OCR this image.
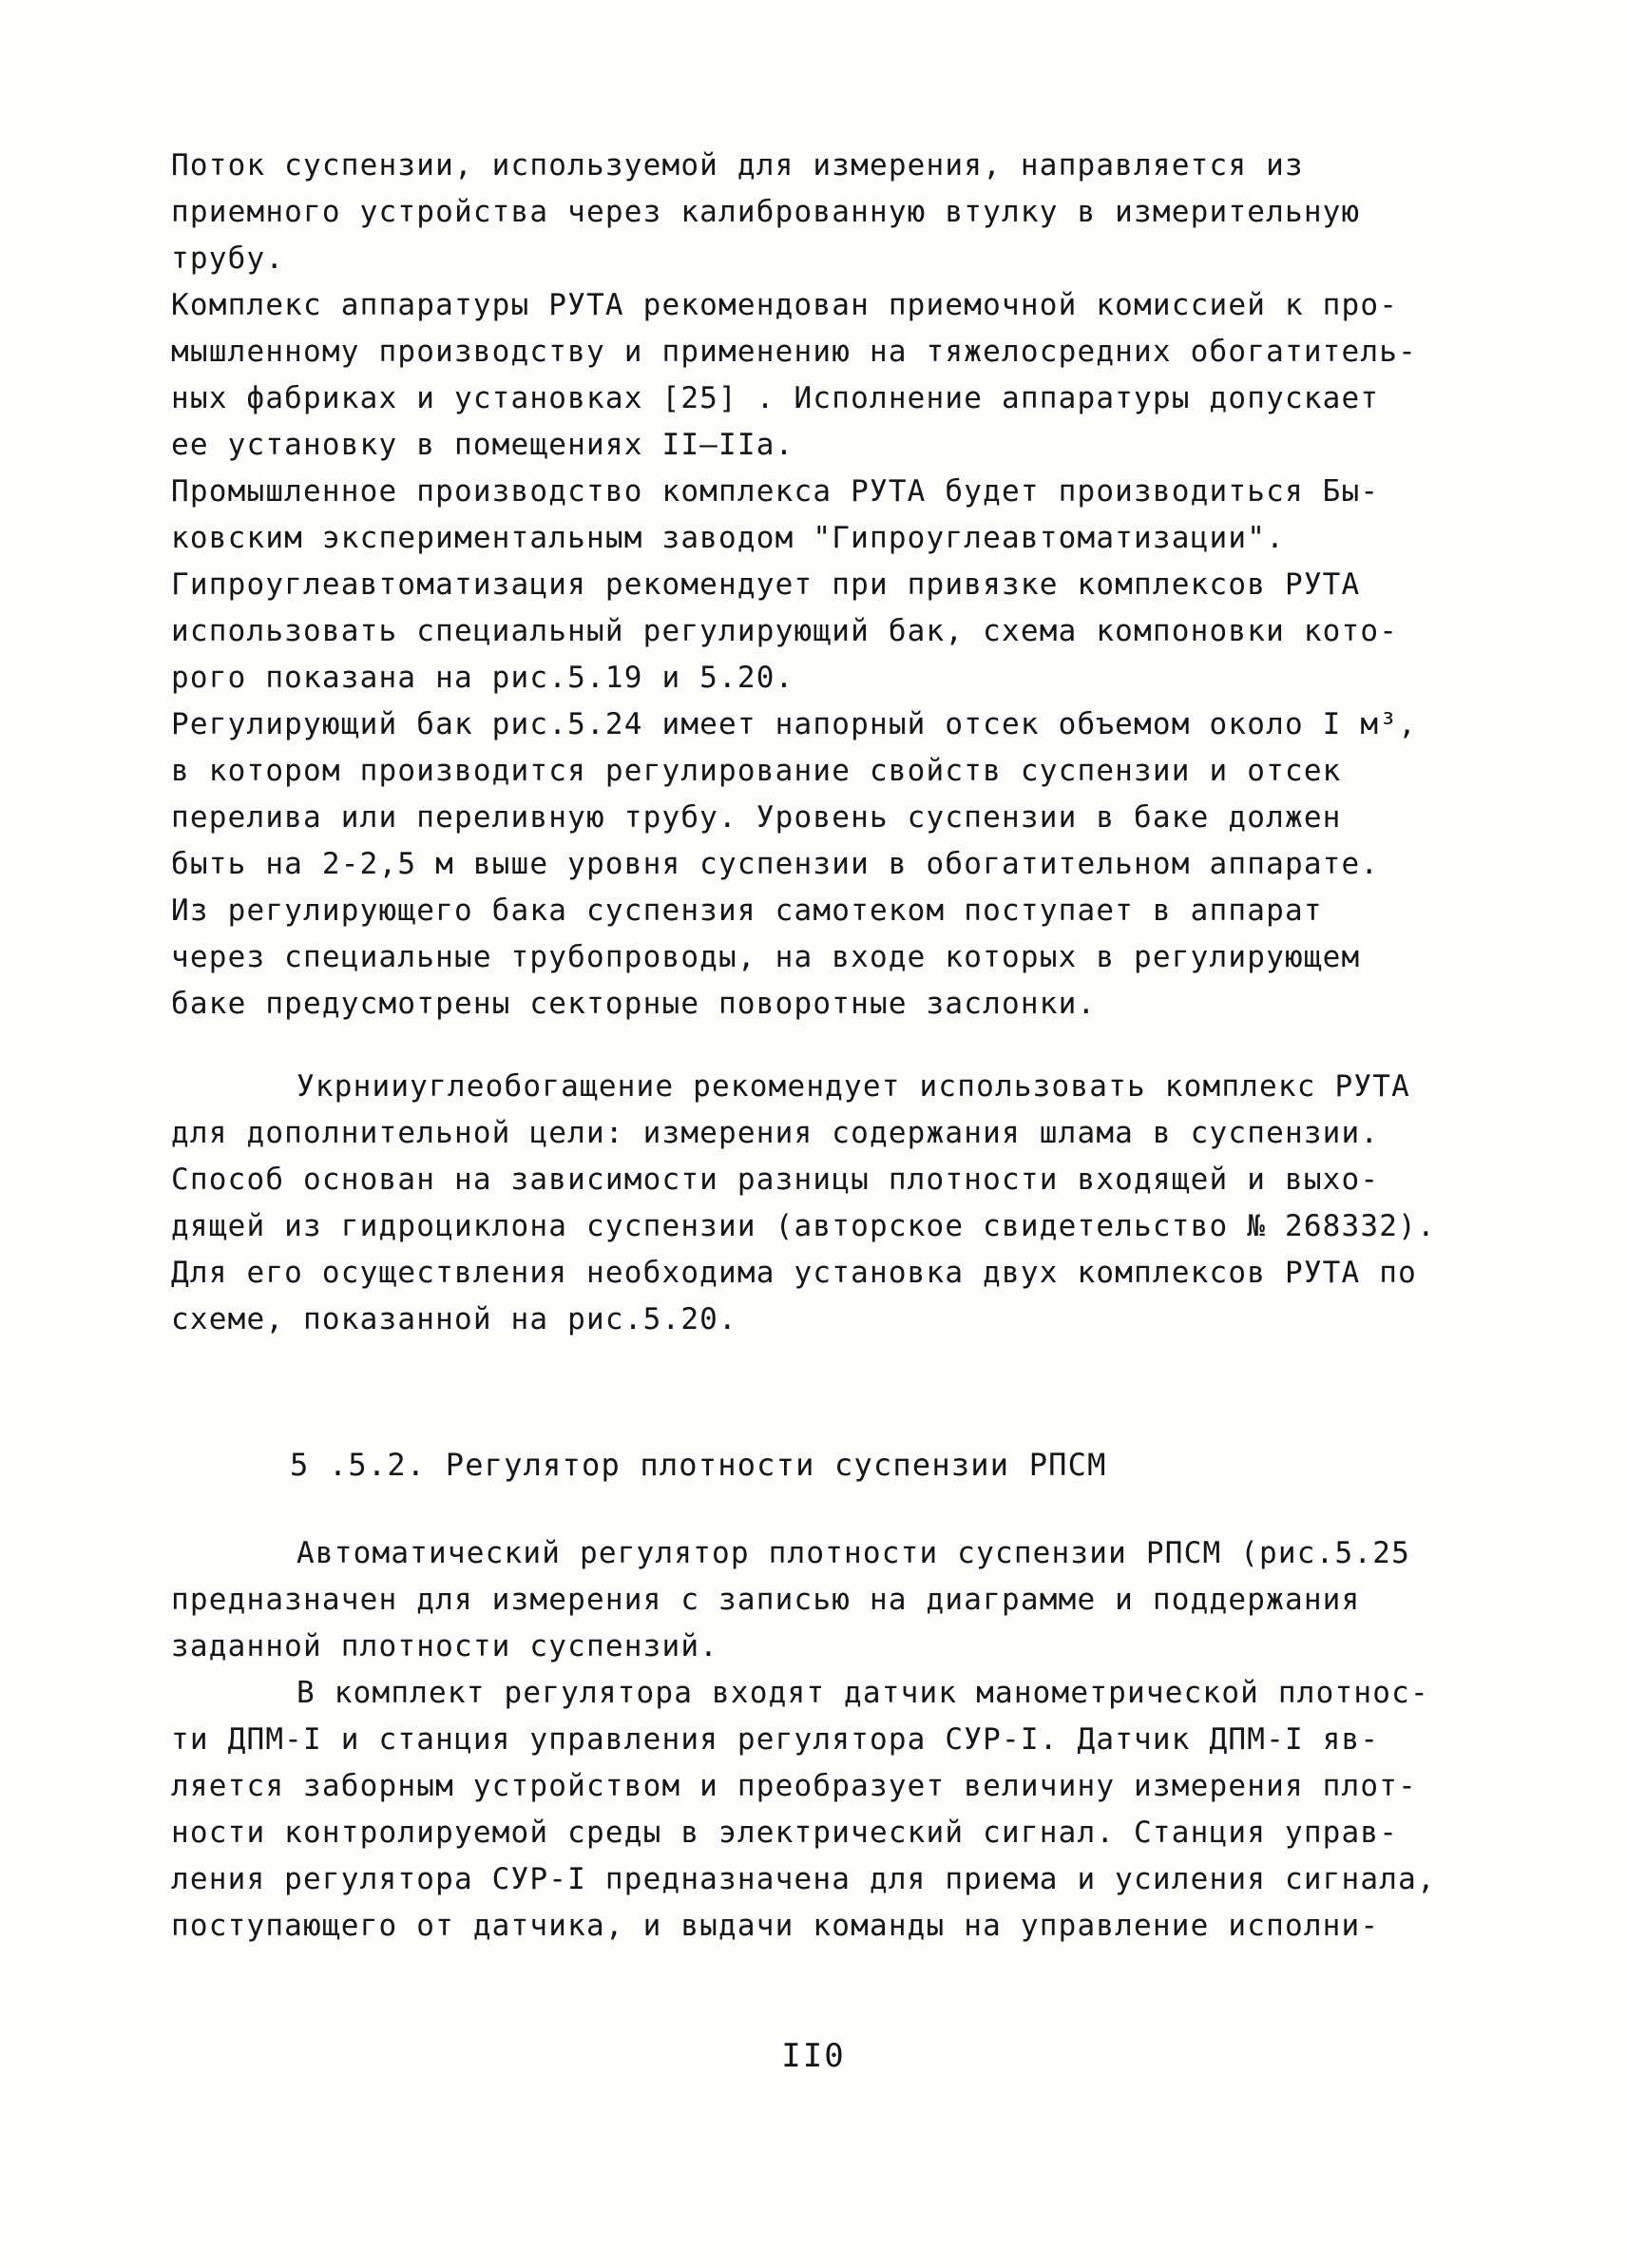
Поток суспензии, используемой для измерения, направляется из
приемного устройства через калиброванную втулку в измерительную
трубу.

Комплекс аппаратуры РУТА рекомендован приемочной комиссией к про-
мышленному производству и применению на тяжелосредних обогатитель-
ных фабриках и установках [25] . Исполнение аппаратуры допускает
ее установку в помещениях II–IIа.

Промышленное производство комплекса РУТА будет производиться Бы-
ковским экспериментальным заводом "Гипроуглеавтоматизации".

Гипроуглеавтоматизация рекомендует при привязке комплексов РУТА
использовать специальный регулирующий бак, схема компоновки кото-
рого показана на рис.5.19 и 5.20.

Регулирующий бак рис.5.24 имеет напорный отсек объемом около I м³,
в котором производится регулирование свойств суспензии и отсек
перелива или переливную трубу. Уровень суспензии в баке должен
быть на 2-2,5 м выше уровня суспензии в обогатительном аппарате.
Из регулирующего бака суспензия самотеком поступает в аппарат
через специальные трубопроводы, на входе которых в регулирующем
баке предусмотрены секторные поворотные заслонки.

Укрнииуглеобогащение рекомендует использовать комплекс РУТА
для дополнительной цели: измерения содержания шлама в суспензии.
Способ основан на зависимости разницы плотности входящей и выхо-
дящей из гидроциклона суспензии (авторское свидетельство № 268332).
Для его осуществления необходима установка двух комплексов РУТА по
схеме, показанной на рис.5.20.

5 .5.2. Регулятор плотности суспензии РПСМ

Автоматический регулятор плотности суспензии РПСМ (рис.5.25
предназначен для измерения с записью на диаграмме и поддержания
заданной плотности суспензий.

В комплект регулятора входят датчик манометрической плотнос-
ти ДПМ-I и станция управления регулятора СУР-I. Датчик ДПМ-I яв-
ляется заборным устройством и преобразует величину измерения плот-
ности контролируемой среды в электрический сигнал. Станция управ-
ления регулятора СУР-I предназначена для приема и усиления сигнала,
поступающего от датчика, и выдачи команды на управление исполни-

II0
